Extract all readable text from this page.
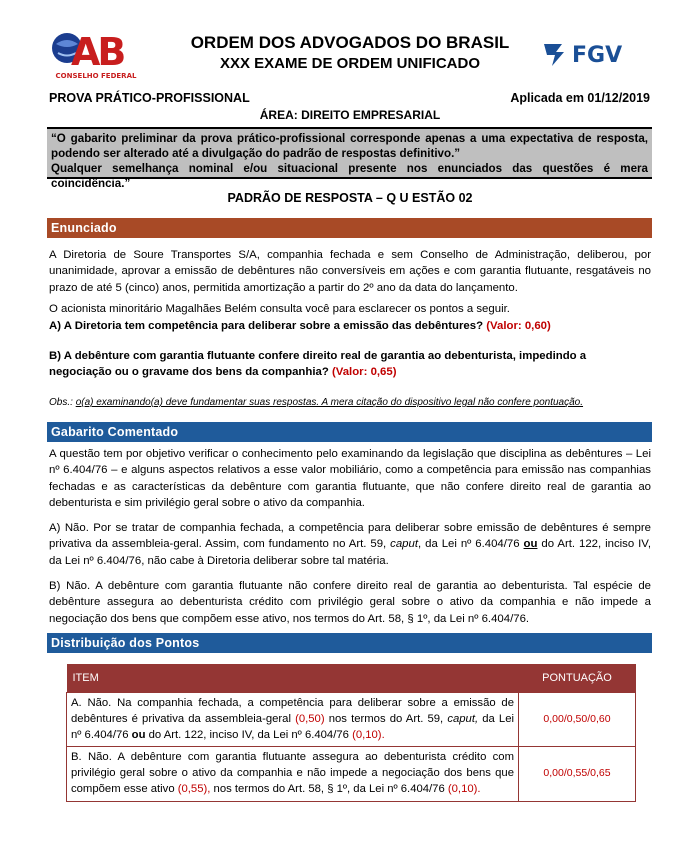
AB
CONSELHO FEDERAL
ORDEM DOS ADVOGADOS DO BRASIL
XXX EXAME DE ORDEM UNIFICADO	FGV
PROVA PRÁTICO-PROFISSIONAL	Aplicada em 01/12/2019
ÁREA: DIREITO EMPRESARIAL

“O gabarito preliminar da prova prático-profissional corresponde apenas a uma expectativa de resposta, podendo ser alterado até a divulgação do padrão de respostas definitivo.”

Qualquer semelhança nominal e/ou situacional presente nos enunciados das questões é mera coincidência.”

PADRÃO DE RESPOSTA – Q U ESTÃO 02
Enunciado
A Diretoria de Soure Transportes S/A, companhia fechada e sem Conselho de Administração, deliberou, por unanimidade, aprovar a emissão de debêntures não conversíveis em ações e com garantia flutuante, resgatáveis no prazo de até 5 (cinco) anos, permitida amortização a partir do 2º ano da data do lançamento.
O acionista minoritário Magalhães Belém consulta você para esclarecer os pontos a seguir.
A) A Diretoria tem competência para deliberar sobre a emissão das debêntures? (Valor: 0,60)
B) A debênture com garantia flutuante confere direito real de garantia ao debenturista, impedindo a negociação ou o gravame dos bens da companhia? (Valor: 0,65)
Obs.: o(a) examinando(a) deve fundamentar suas respostas. A mera citação do dispositivo legal não confere pontuação.
Gabarito Comentado
A questão tem por objetivo verificar o conhecimento pelo examinando da legislação que disciplina as debêntures – Lei nº 6.404/76 – e alguns aspectos relativos a esse valor mobiliário, como a competência para emissão nas companhias fechadas e as características da debênture com garantia flutuante, que não confere direito real de garantia ao debenturista e sim privilégio geral sobre o ativo da companhia.
A) Não. Por se tratar de companhia fechada, a competência para deliberar sobre emissão de debêntures é sempre privativa da assembleia-geral. Assim, com fundamento no Art. 59, caput, da Lei nº 6.404/76 ou do Art. 122, inciso IV, da Lei nº 6.404/76, não cabe à Diretoria deliberar sobre tal matéria.
B) Não. A debênture com garantia flutuante não confere direito real de garantia ao debenturista. Tal espécie de debênture assegura ao debenturista crédito com privilégio geral sobre o ativo da companhia e não impede a negociação dos bens que compõem esse ativo, nos termos do Art. 58, § 1º, da Lei nº 6.404/76.
Distribuição dos Pontos
ITEM	PONTUAÇÃO
A. Não. Na companhia fechada, a competência para deliberar sobre a emissão de debêntures é privativa da assembleia-geral (0,50) nos termos do Art. 59, caput, da Lei nº 6.404/76 ou do Art. 122, inciso IV, da Lei nº 6.404/76 (0,10).	0,00/0,50/0,60
B. Não. A debênture com garantia flutuante assegura ao debenturista crédito com privilégio geral sobre o ativo da companhia e não impede a negociação dos bens que compõem esse ativo (0,55), nos termos do Art. 58, § 1º, da Lei nº 6.404/76 (0,10).	0,00/0,55/0,65
